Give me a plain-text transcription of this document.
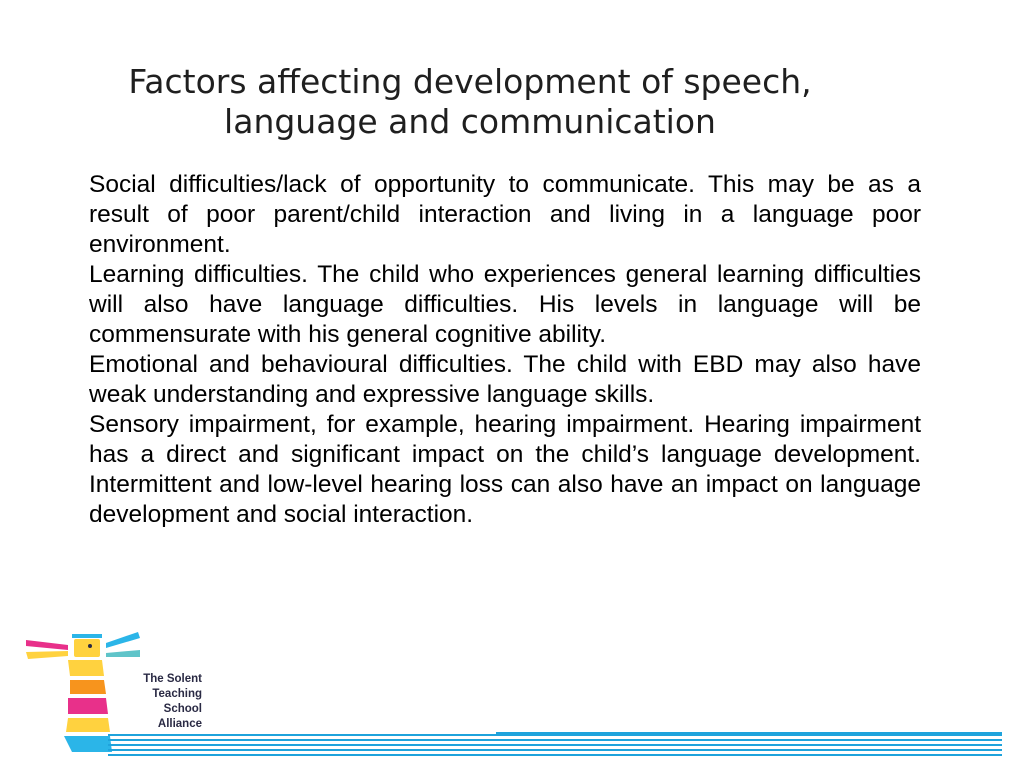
Factors affecting development of speech,
language and communication

Social difficulties/lack of opportunity to communicate. This may be as a result of poor parent/child interaction and living in a language poor environment.

Learning difficulties. The child who experiences general learning difficulties will also have language difficulties. His levels in language will be commensurate with his general cognitive ability.

Emotional and behavioural difficulties. The child with EBD may also have weak understanding and expressive language skills.

Sensory impairment, for example, hearing impairment. Hearing impairment has a direct and significant impact on the child’s language development. Intermittent and low-level hearing loss can also have an impact on language development and social interaction.

The Solent
Teaching
School
Alliance
